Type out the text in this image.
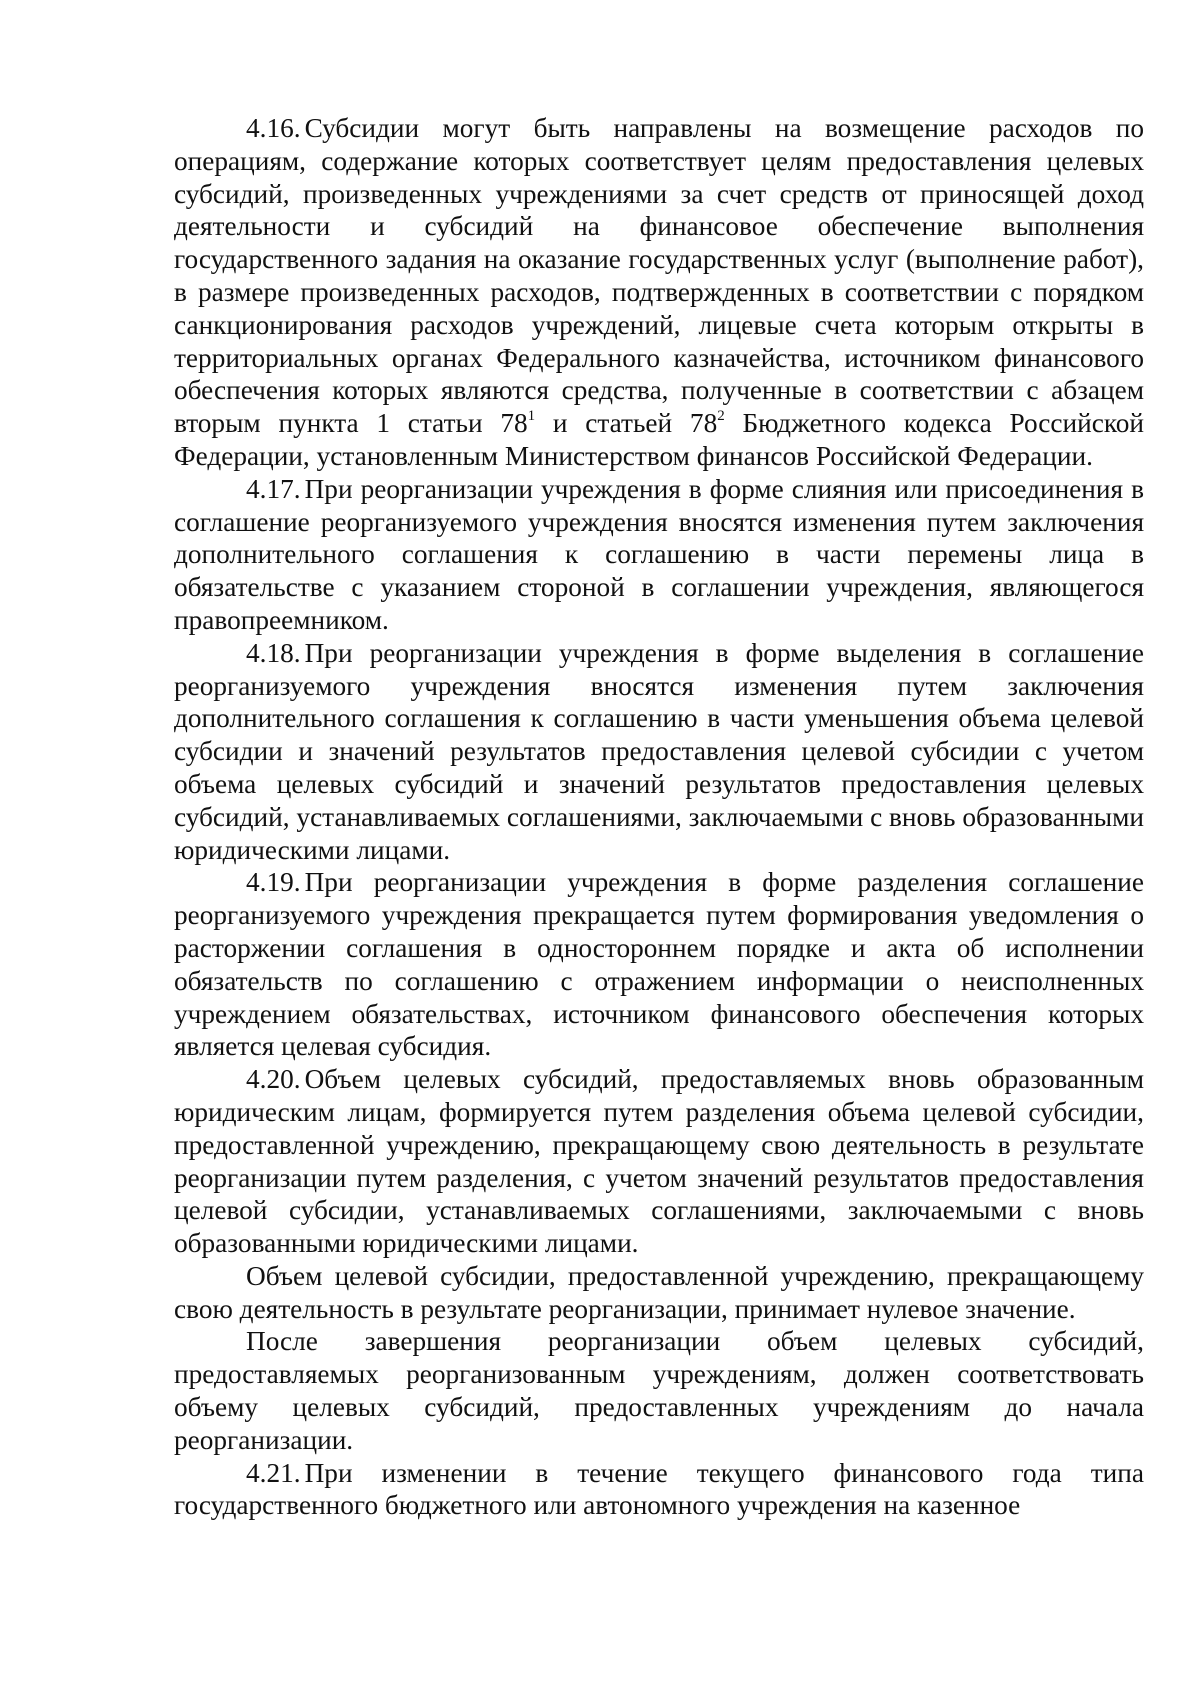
4.16. Субсидии могут быть направлены на возмещение расходов по операциям, содержание которых соответствует целям предоставления целевых субсидий, произведенных учреждениями за счет средств от приносящей доход деятельности и субсидий на финансовое обеспечение выполнения государственного задания на оказание государственных услуг (выполнение работ), в размере произведенных расходов, подтвержденных в соответствии с порядком санкционирования расходов учреждений, лицевые счета которым открыты в территориальных органах Федерального казначейства, источником финансового обеспечения которых являются средства, полученные в соответствии с абзацем вторым пункта 1 статьи $78^1$ и статьей $78^2$ Бюджетного кодекса Российской Федерации, установленным Министерством финансов Российской Федерации.

4.17. При реорганизации учреждения в форме слияния или присоединения в соглашение реорганизуемого учреждения вносятся изменения путем заключения дополнительного соглашения к соглашению в части перемены лица в обязательстве с указанием стороной в соглашении учреждения, являющегося правопреемником.

4.18. При реорганизации учреждения в форме выделения в соглашение реорганизуемого учреждения вносятся изменения путем заключения дополнительного соглашения к соглашению в части уменьшения объема целевой субсидии и значений результатов предоставления целевой субсидии с учетом объема целевых субсидий и значений результатов предоставления целевых субсидий, устанавливаемых соглашениями, заключаемыми с вновь образованными юридическими лицами.

4.19. При реорганизации учреждения в форме разделения соглашение реорганизуемого учреждения прекращается путем формирования уведомления о расторжении соглашения в одностороннем порядке и акта об исполнении обязательств по соглашению с отражением информации о неисполненных учреждением обязательствах, источником финансового обеспечения которых является целевая субсидия.

4.20. Объем целевых субсидий, предоставляемых вновь образованным юридическим лицам, формируется путем разделения объема целевой субсидии, предоставленной учреждению, прекращающему свою деятельность в результате реорганизации путем разделения, с учетом значений результатов предоставления целевой субсидии, устанавливаемых соглашениями, заключаемыми с вновь образованными юридическими лицами.

Объем целевой субсидии, предоставленной учреждению, прекращающему свою деятельность в результате реорганизации, принимает нулевое значение.

После завершения реорганизации объем целевых субсидий, предоставляемых реорганизованным учреждениям, должен соответствовать объему целевых субсидий, предоставленных учреждениям до начала реорганизации.

4.21. При изменении в течение текущего финансового года типа государственного бюджетного или автономного учреждения на казенное
